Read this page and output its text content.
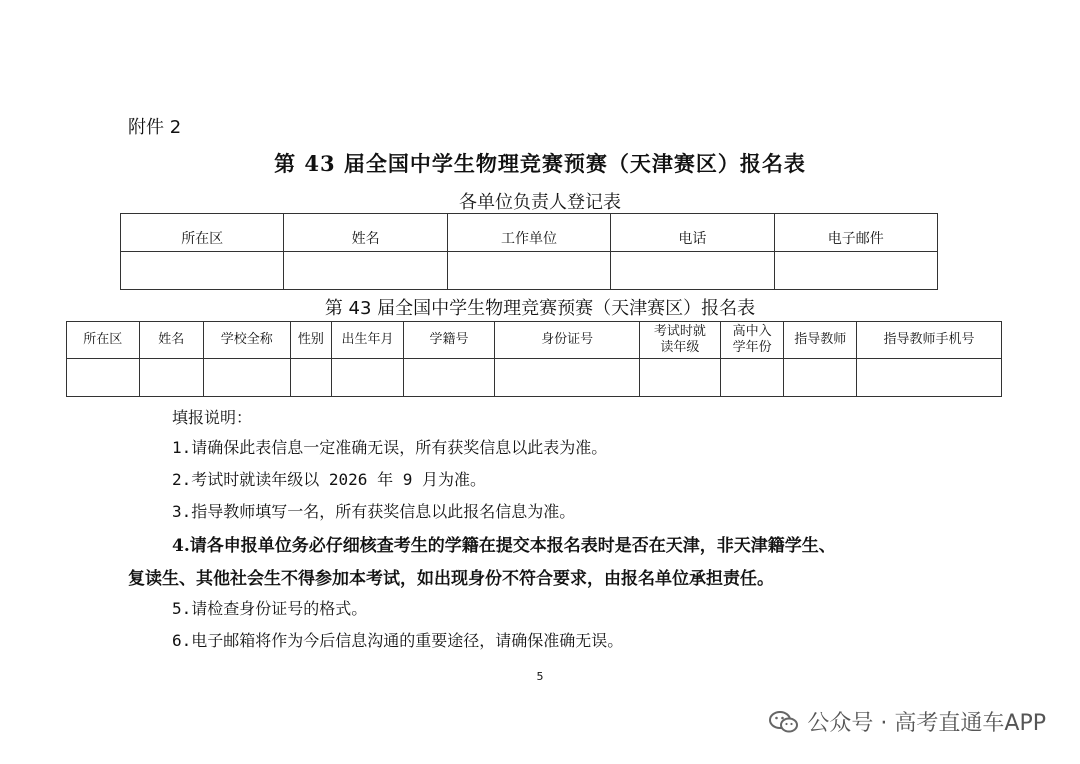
附件 2
第 43 届全国中学生物理竞赛预赛（天津赛区）报名表
各单位负责人登记表
所在区	姓名	工作单位	电话	电子邮件

第 43 届全国中学生物理竞赛预赛（天津赛区）报名表
所在区	姓名	学校全称	性别	出生年月	学籍号	身份证号	考试时就读年级	高中入学年份	指导教师	指导教师手机号

填报说明：
1.请确保此表信息一定准确无误，所有获奖信息以此表为准。
2.考试时就读年级以 2026 年 9 月为准。
3.指导教师填写一名，所有获奖信息以此报名信息为准。
4.请各申报单位务必仔细核查考生的学籍在提交本报名表时是否在天津，非天津籍学生、
复读生、其他社会生不得参加本考试，如出现身份不符合要求，由报名单位承担责任。
5.请检查身份证号的格式。
6.电子邮箱将作为今后信息沟通的重要途径，请确保准确无误。
5
公众号 · 高考直通车APP
